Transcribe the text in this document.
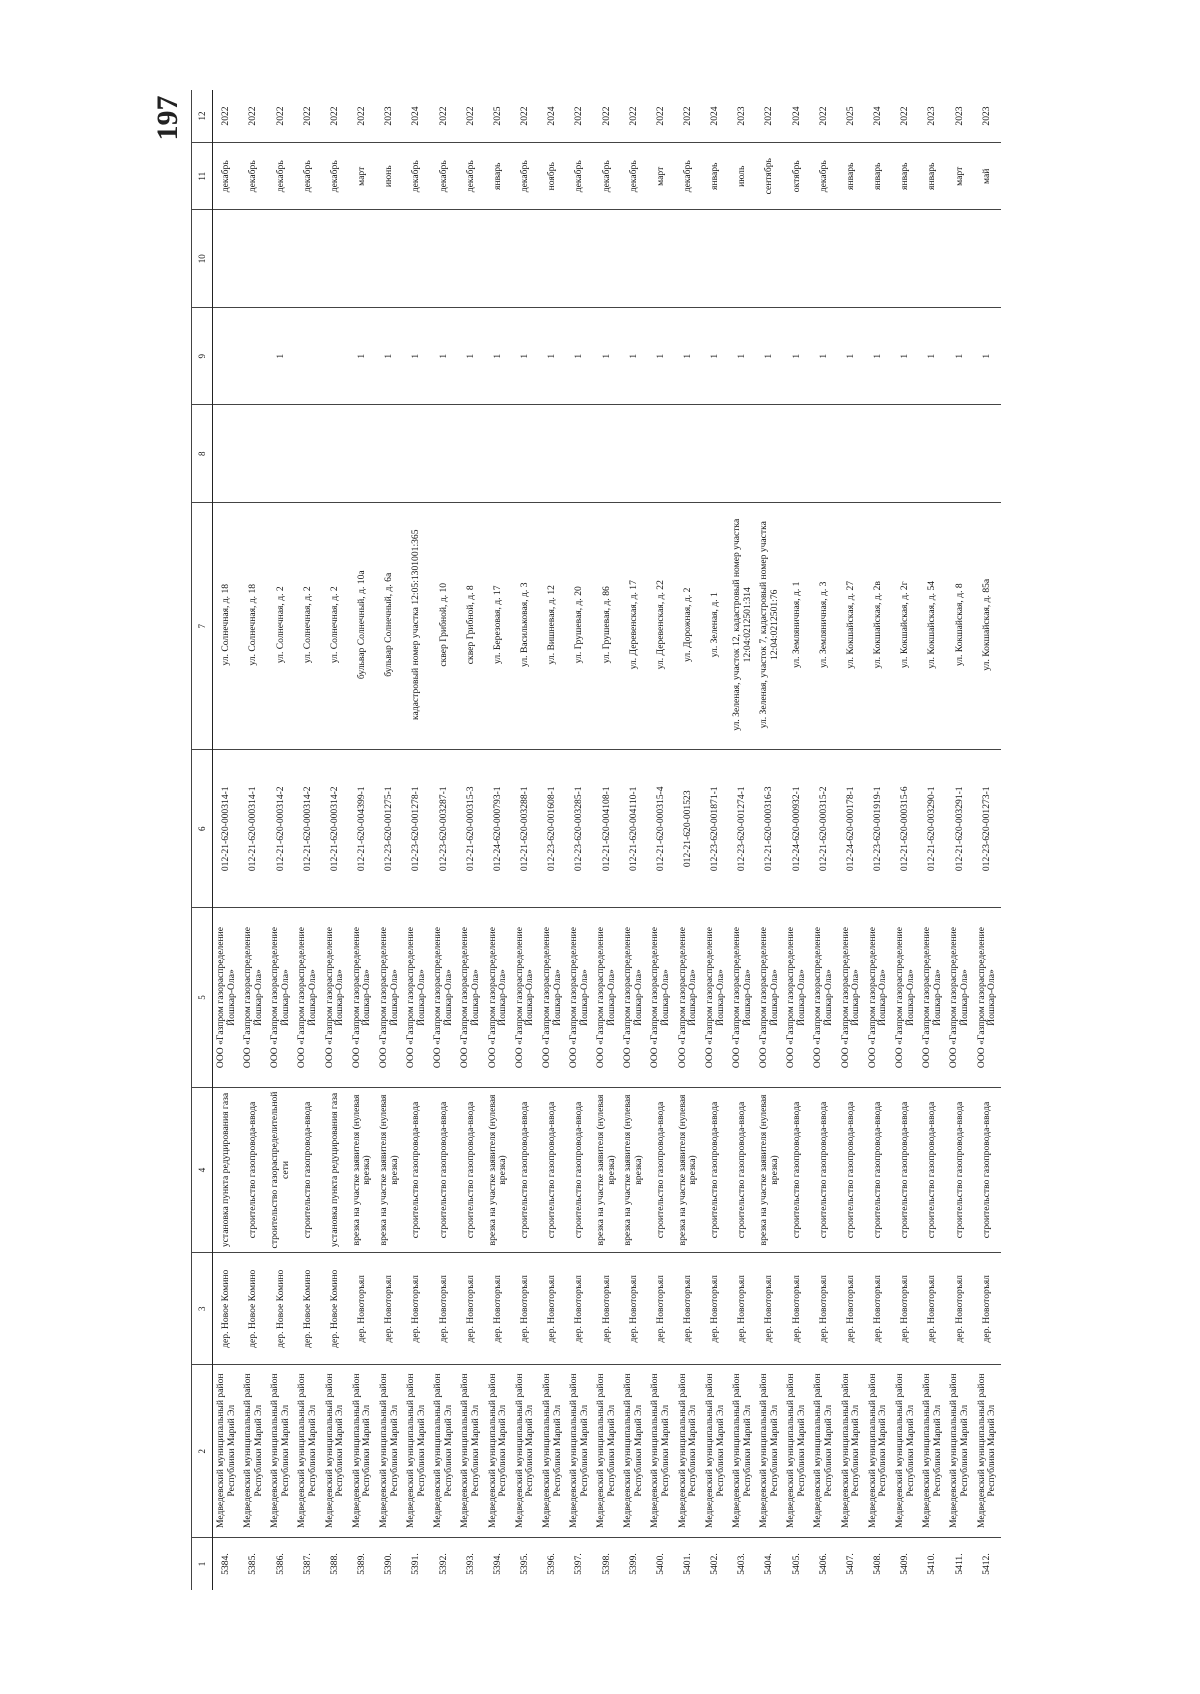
197
1	2	3	4	5	6	7	8	9	10	11	12
5384.	Медведевский муниципальный район Республики Марий Эл	дер. Новое Комино	установка пункта редуцирования газа	ООО «Газпром газораспределение Йошкар-Ола»	012-21-620-000314-1	ул. Солнечная, д. 18				декабрь	2022
5385.	Медведевский муниципальный район Республики Марий Эл	дер. Новое Комино	строительство газопровода-ввода	ООО «Газпром газораспределение Йошкар-Ола»	012-21-620-000314-1	ул. Солнечная, д. 18				декабрь	2022
5386.	Медведевский муниципальный район Республики Марий Эл	дер. Новое Комино	строительство газораспределительной сети	ООО «Газпром газораспределение Йошкар-Ола»	012-21-620-000314-2	ул. Солнечная, д. 2		1		декабрь	2022
5387.	Медведевский муниципальный район Республики Марий Эл	дер. Новое Комино	строительство газопровода-ввода	ООО «Газпром газораспределение Йошкар-Ола»	012-21-620-000314-2	ул. Солнечная, д. 2				декабрь	2022
5388.	Медведевский муниципальный район Республики Марий Эл	дер. Новое Комино	установка пункта редуцирования газа	ООО «Газпром газораспределение Йошкар-Ола»	012-21-620-000314-2	ул. Солнечная, д. 2				декабрь	2022
5389.	Медведевский муниципальный район Республики Марий Эл	дер. Новоторъял	врезка на участке заявителя (нулевая врезка)	ООО «Газпром газораспределение Йошкар-Ола»	012-21-620-004399-1	бульвар Солнечный, д. 10а		1		март	2022
5390.	Медведевский муниципальный район Республики Марий Эл	дер. Новоторъял	врезка на участке заявителя (нулевая врезка)	ООО «Газпром газораспределение Йошкар-Ола»	012-23-620-001275-1	бульвар Солнечный, д. 6а		1		июнь	2023
5391.	Медведевский муниципальный район Республики Марий Эл	дер. Новоторъял	строительство газопровода-ввода	ООО «Газпром газораспределение Йошкар-Ола»	012-23-620-001278-1	кадастровый номер участка 12:05:1301001:365		1		декабрь	2024
5392.	Медведевский муниципальный район Республики Марий Эл	дер. Новоторъял	строительство газопровода-ввода	ООО «Газпром газораспределение Йошкар-Ола»	012-23-620-003287-1	сквер Грибной, д. 10		1		декабрь	2022
5393.	Медведевский муниципальный район Республики Марий Эл	дер. Новоторъял	строительство газопровода-ввода	ООО «Газпром газораспределение Йошкар-Ола»	012-21-620-000315-3	сквер Грибной, д. 8		1		декабрь	2022
5394.	Медведевский муниципальный район Республики Марий Эл	дер. Новоторъял	врезка на участке заявителя (нулевая врезка)	ООО «Газпром газораспределение Йошкар-Ола»	012-24-620-000793-1	ул. Березовая, д. 17		1		январь	2025
5395.	Медведевский муниципальный район Республики Марий Эл	дер. Новоторъял	строительство газопровода-ввода	ООО «Газпром газораспределение Йошкар-Ола»	012-21-620-003288-1	ул. Васильковая, д. 3		1		декабрь	2022
5396.	Медведевский муниципальный район Республики Марий Эл	дер. Новоторъял	строительство газопровода-ввода	ООО «Газпром газораспределение Йошкар-Ола»	012-23-620-001608-1	ул. Вишневая, д. 12		1		ноябрь	2024
5397.	Медведевский муниципальный район Республики Марий Эл	дер. Новоторъял	строительство газопровода-ввода	ООО «Газпром газораспределение Йошкар-Ола»	012-23-620-003285-1	ул. Грушевая, д. 20		1		декабрь	2022
5398.	Медведевский муниципальный район Республики Марий Эл	дер. Новоторъял	врезка на участке заявителя (нулевая врезка)	ООО «Газпром газораспределение Йошкар-Ола»	012-21-620-004108-1	ул. Грушевая, д. 86		1		декабрь	2022
5399.	Медведевский муниципальный район Республики Марий Эл	дер. Новоторъял	врезка на участке заявителя (нулевая врезка)	ООО «Газпром газораспределение Йошкар-Ола»	012-21-620-004110-1	ул. Деревенская, д. 17		1		декабрь	2022
5400.	Медведевский муниципальный район Республики Марий Эл	дер. Новоторъял	строительство газопровода-ввода	ООО «Газпром газораспределение Йошкар-Ола»	012-21-620-000315-4	ул. Деревенская, д. 22		1		март	2022
5401.	Медведевский муниципальный район Республики Марий Эл	дер. Новоторъял	врезка на участке заявителя (нулевая врезка)	ООО «Газпром газораспределение Йошкар-Ола»	012-21-620-001523	ул. Дорожная, д. 2		1		декабрь	2022
5402.	Медведевский муниципальный район Республики Марий Эл	дер. Новоторъял	строительство газопровода-ввода	ООО «Газпром газораспределение Йошкар-Ола»	012-23-620-001871-1	ул. Зеленая, д. 1		1		январь	2024
5403.	Медведевский муниципальный район Республики Марий Эл	дер. Новоторъял	строительство газопровода-ввода	ООО «Газпром газораспределение Йошкар-Ола»	012-23-620-001274-1	ул. Зеленая, участок 12, кадастровый номер участка 12:04:0212501:314		1		июль	2023
5404.	Медведевский муниципальный район Республики Марий Эл	дер. Новоторъял	врезка на участке заявителя (нулевая врезка)	ООО «Газпром газораспределение Йошкар-Ола»	012-21-620-000316-3	ул. Зеленая, участок 7, кадастровый номер участка 12:04:0212501:76		1		сентябрь	2022
5405.	Медведевский муниципальный район Республики Марий Эл	дер. Новоторъял	строительство газопровода-ввода	ООО «Газпром газораспределение Йошкар-Ола»	012-24-620-000932-1	ул. Земляничная, д. 1		1		октябрь	2024
5406.	Медведевский муниципальный район Республики Марий Эл	дер. Новоторъял	строительство газопровода-ввода	ООО «Газпром газораспределение Йошкар-Ола»	012-21-620-000315-2	ул. Земляничная, д. 3		1		декабрь	2022
5407.	Медведевский муниципальный район Республики Марий Эл	дер. Новоторъял	строительство газопровода-ввода	ООО «Газпром газораспределение Йошкар-Ола»	012-24-620-000178-1	ул. Кокшайская, д. 27		1		январь	2025
5408.	Медведевский муниципальный район Республики Марий Эл	дер. Новоторъял	строительство газопровода-ввода	ООО «Газпром газораспределение Йошкар-Ола»	012-23-620-001919-1	ул. Кокшайская, д. 2в		1		январь	2024
5409.	Медведевский муниципальный район Республики Марий Эл	дер. Новоторъял	строительство газопровода-ввода	ООО «Газпром газораспределение Йошкар-Ола»	012-21-620-000315-6	ул. Кокшайская, д. 2г		1		январь	2022
5410.	Медведевский муниципальный район Республики Марий Эл	дер. Новоторъял	строительство газопровода-ввода	ООО «Газпром газораспределение Йошкар-Ола»	012-21-620-003290-1	ул. Кокшайская, д. 54		1		январь	2023
5411.	Медведевский муниципальный район Республики Марий Эл	дер. Новоторъял	строительство газопровода-ввода	ООО «Газпром газораспределение Йошкар-Ола»	012-21-620-003291-1	ул. Кокшайская, д. 8		1		март	2023
5412.	Медведевский муниципальный район Республики Марий Эл	дер. Новоторъял	строительство газопровода-ввода	ООО «Газпром газораспределение Йошкар-Ола»	012-23-620-001273-1	ул. Кокшайская, д. 85а		1		май	2023
